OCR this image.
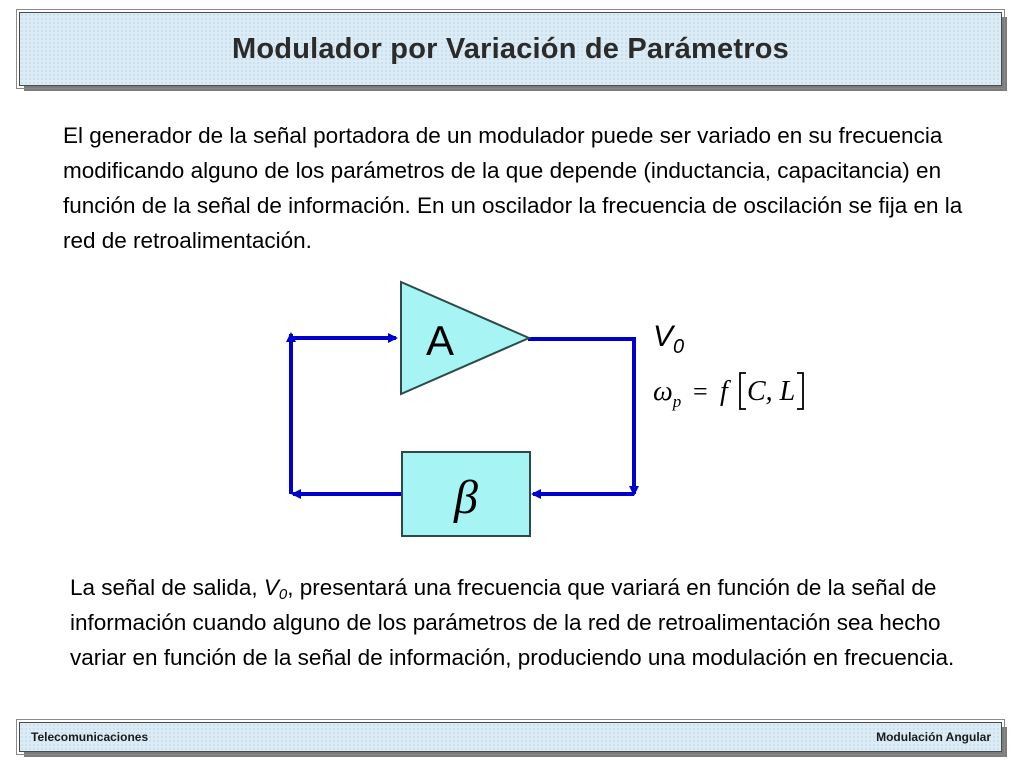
Modulador por Variación de Parámetros

El generador de la señal portadora de un modulador puede ser variado en su frecuencia modificando alguno de los parámetros de la que depende (inductancia, capacitancia) en función de la señal de información. En un oscilador la frecuencia de oscilación se fija en la red de retroalimentación.

A
β
$V_0$
$\omega_p = f$ C, L

La señal de salida, $V_0$, presentará una frecuencia que variará en función de la señal de información cuando alguno de los parámetros de la red de retroalimentación sea hecho variar en función de la señal de información, produciendo una modulación en frecuencia.

Telecomunicaciones	Modulación Angular
